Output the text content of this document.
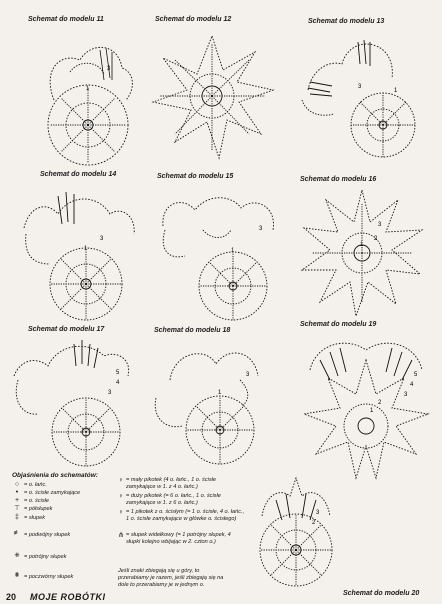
Schemat do modelu 11	Schemat do modelu 12	Schemat do modelu 13
Schemat do modelu 14	Schemat do modelu 15	Schemat do modelu 16
Schemat do modelu 17	Schemat do modelu 18
Schemat do modelu 19
Schemat do modelu 20
3
1	3
1
3
1
3
1
3
2
1
5
4
3
3
1
5
4
3
2
1
3
2
Objaśnienia do schematów:
○ = o. łańc.
•	= o. ścisłe zamykające
+ = o. ścisłe
⊤ = półsłupek
‡ = słupek
≢ = podwójny słupek
⧺ = potrójny słupek
⩩ = poczwórny słupek
♀ = mały pikotek (4 o. łańc., 1 o. ścisłe zamykające w 1. z 4 o. łańc.)
♀ = duży pikotek (= 6 o. łańc., 1 o. ścisłe zamykające w 1. z 6 o. łańc.)
♀ = 1 pikotek z o. ścisłym (= 1 o. ścisłe, 4 o. łańc., 1 o. ścisłe zamykające w główke o. ścisłego)
⋔ = słupek widełkowy (= 1 potrójny słupek, 4 słupki kolejno wbijając w 2. czton o.)
Jeśli znaki zbiegają się u góry, to przerabiamy je razem, jeśli zbiegają się na dole to przerabiamy je w jednym o.
20 MOJE ROBÓTKI
